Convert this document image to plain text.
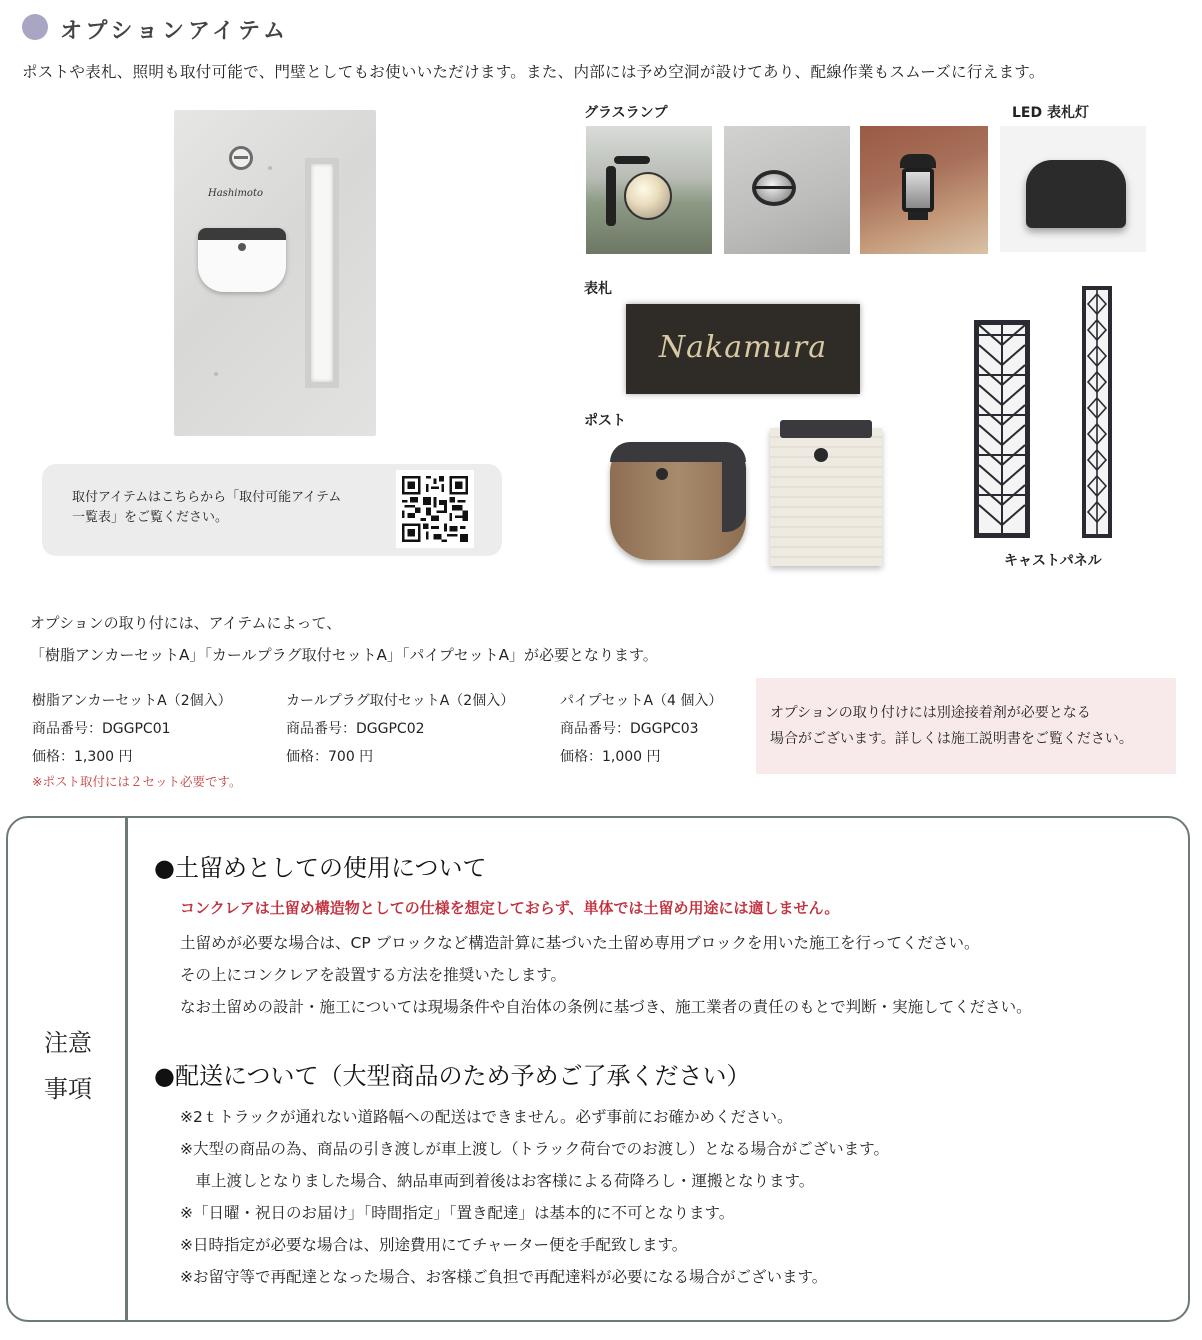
オプションアイテム
ポストや表札、照明も取付可能で、門壁としてもお使いいただけます。また、内部には予め空洞が設けてあり、配線作業もスムーズに行えます。
Hashimoto
取付アイテムはこちらから「取付可能アイテム
一覧表」をご覧ください。
グラスランプ	LED 表札灯
表札
Nakamura
ポスト
キャストパネル
オプションの取り付には、アイテムによって、
「樹脂アンカーセットA」「カールプラグ取付セットA」「パイプセットA」が必要となります。
樹脂アンカーセットA（2個入）
商品番号：DGGPC01
価格：1,300 円
※ポスト取付には２セット必要です。
カールプラグ取付セットA（2個入）
商品番号：DGGPC02
価格：700 円
パイプセットA（4 個入）
商品番号：DGGPC03
価格：1,000 円
オプションの取り付けには別途接着剤が必要となる
場合がございます。詳しくは施工説明書をご覧ください。
注意
事項
●土留めとしての使用について
コンクレアは土留め構造物としての仕様を想定しておらず、単体では土留め用途には適しません。
土留めが必要な場合は、CP ブロックなど構造計算に基づいた土留め専用ブロックを用いた施工を行ってください。
その上にコンクレアを設置する方法を推奨いたします。
なお土留めの設計・施工については現場条件や自治体の条例に基づき、施工業者の責任のもとで判断・実施してください。
●配送について（大型商品のため予めご了承ください）
※2ｔトラックが通れない道路幅への配送はできません。必ず事前にお確かめください。
※大型の商品の為、商品の引き渡しが車上渡し（トラック荷台でのお渡し）となる場合がございます。
　車上渡しとなりました場合、納品車両到着後はお客様による荷降ろし・運搬となります。
※「日曜・祝日のお届け」「時間指定」「置き配達」は基本的に不可となります。
※日時指定が必要な場合は、別途費用にてチャーター便を手配致します。
※お留守等で再配達となった場合、お客様ご負担で再配達料が必要になる場合がございます。
